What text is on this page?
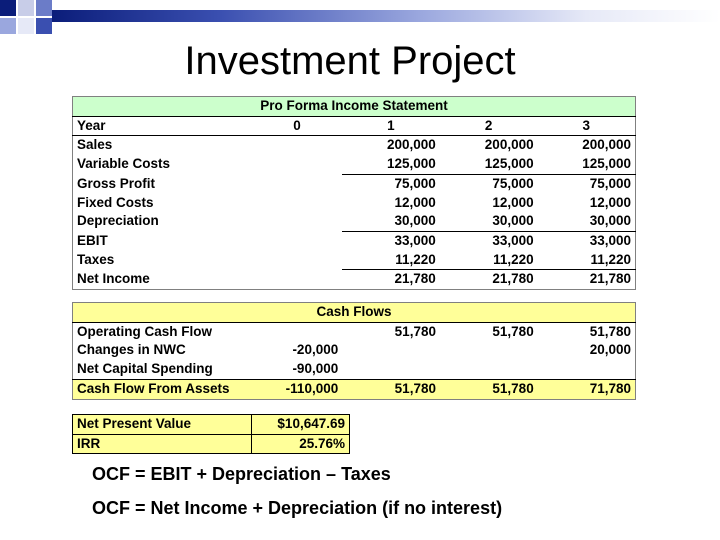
Investment Project
Pro Forma Income Statement				
Year	0	1	2	3
Sales		200,000	200,000	200,000
Variable Costs		125,000	125,000	125,000
Gross Profit		75,000	75,000	75,000
Fixed Costs		12,000	12,000	12,000
Depreciation		30,000	30,000	30,000
EBIT		33,000	33,000	33,000
Taxes		11,220	11,220	11,220
Net Income		21,780	21,780	21,780
Cash Flows				
Operating Cash Flow		51,780	51,780	51,780
Changes in NWC	-20,000			20,000
Net Capital Spending	-90,000			
Cash Flow From Assets	-110,000	51,780	51,780	71,780
Net Present Value	$10,647.69
IRR	25.76%
OCF = EBIT + Depreciation – Taxes
OCF = Net Income + Depreciation (if no interest)
